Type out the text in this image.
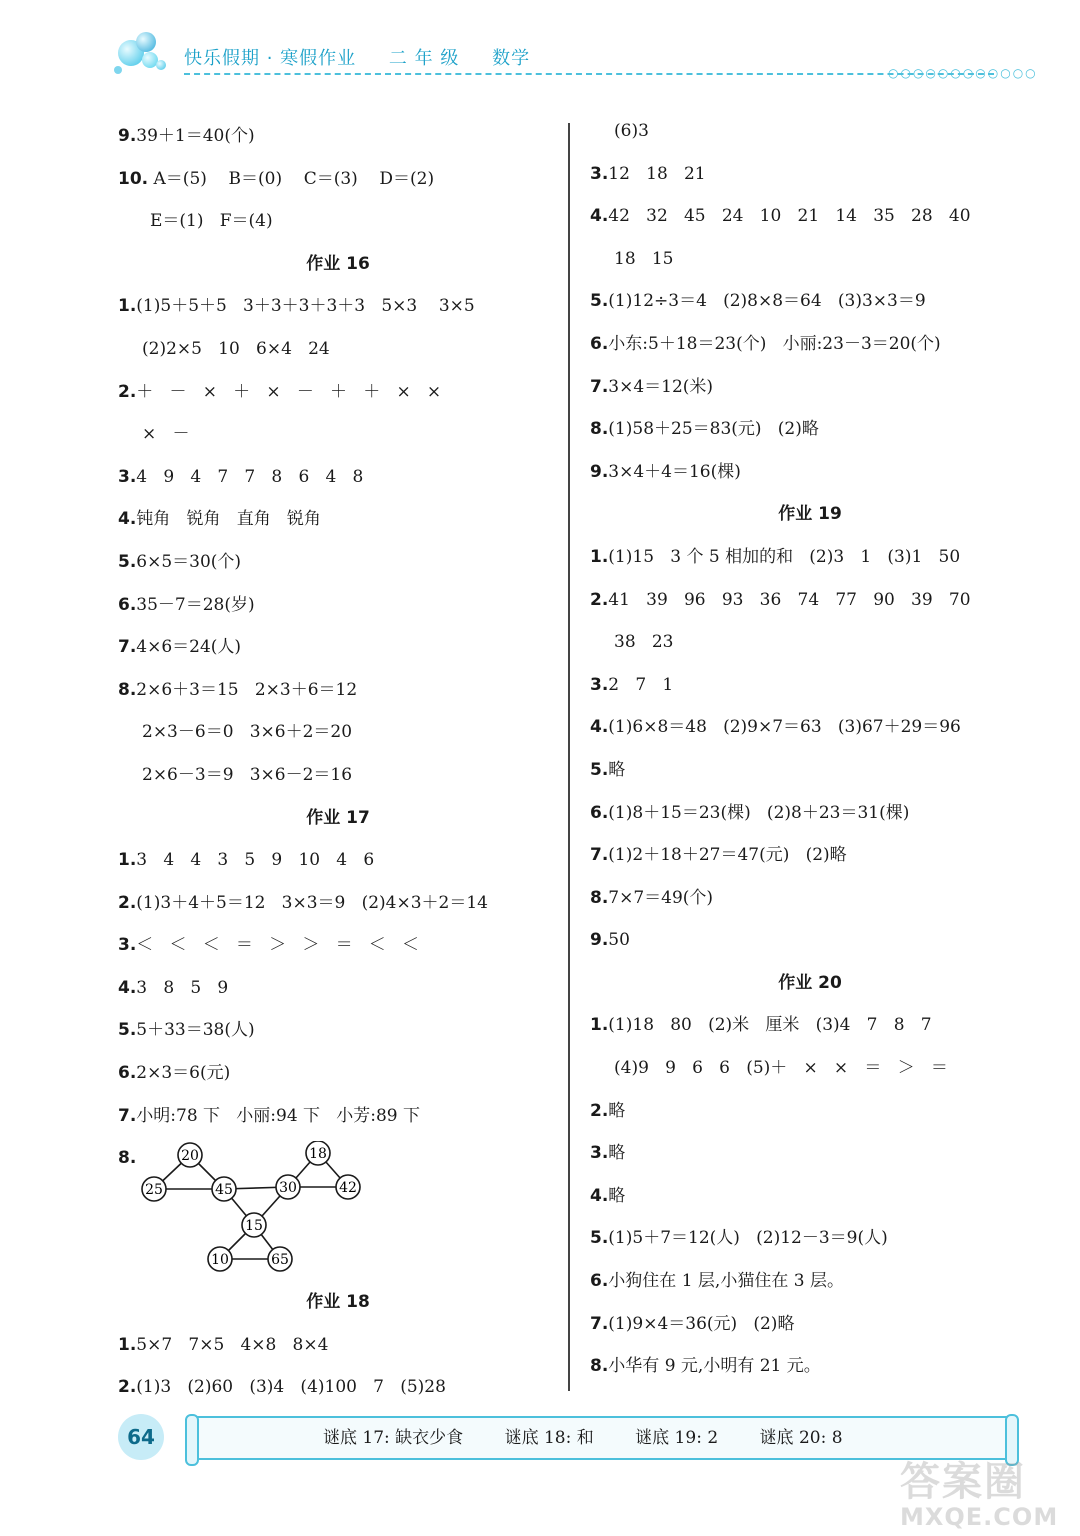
快乐假期 · 寒假作业 二 年 级 数学
○○○○○○○○○○○○
9.39＋1＝40(个)
10. A＝(5)    B＝(0)    C＝(3)    D＝(2)
E＝(1)   F＝(4)
作业 16
1.(1)5＋5＋5   3＋3＋3＋3＋3   5×3    3×5
(2)2×5   10   6×4   24
2.＋   －   ×   ＋   ×   －   ＋   ＋   ×   ×
×   －
3.4   9   4   7   7   8   6   4   8
4.钝角   锐角   直角   锐角
5.6×5＝30(个)
6.35－7＝28(岁)
7.4×6＝24(人)
8.2×6＋3＝15   2×3＋6＝12
2×3－6＝0   3×6＋2＝20
2×6－3＝9   3×6－2＝16
作业 17
1.3   4   4   3   5   9   10   4   6
2.(1)3＋4＋5＝12   3×3＝9   (2)4×3＋2＝14
3.＜   ＜   ＜   ＝   ＞   ＞   ＝   ＜   ＜
4.3   8   5   9
5.5＋33＝38(人)
6.2×3＝6(元)
7.小明:78 下   小丽:94 下   小芳:89 下
8.	20
25	45	30
18
42
15
10	65
作业 18
1.5×7   7×5   4×8   8×4
2.(1)3   (2)60   (3)4   (4)100   7   (5)28
(6)3
3.12   18   21
4.42   32   45   24   10   21   14   35   28   40
18   15
5.(1)12÷3＝4   (2)8×8＝64   (3)3×3＝9
6.小东:5＋18＝23(个)   小丽:23－3＝20(个)
7.3×4＝12(米)
8.(1)58＋25＝83(元)   (2)略
9.3×4＋4＝16(棵)
作业 19
1.(1)15   3 个 5 相加的和   (2)3   1   (3)1   50
2.41   39   96   93   36   74   77   90   39   70
38   23
3.2   7   1
4.(1)6×8＝48   (2)9×7＝63   (3)67＋29＝96
5.略
6.(1)8＋15＝23(棵)   (2)8＋23＝31(棵)
7.(1)2＋18＋27＝47(元)   (2)略
8.7×7＝49(个)
9.50
作业 20
1.(1)18   80   (2)米   厘米   (3)4   7   8   7
(4)9   9   6   6   (5)＋   ×   ×   ＝   ＞   ＝
2.略
3.略
4.略
5.(1)5＋7＝12(人)   (2)12－3＝9(人)
6.小狗住在 1 层,小猫住在 3 层。
7.(1)9×4＝36(元)   (2)略
8.小华有 9 元,小明有 21 元。
64	谜底 17: 缺衣少食 谜底 18: 和 谜底 19: 2 谜底 20: 8
答案圈
MXQE.COM
